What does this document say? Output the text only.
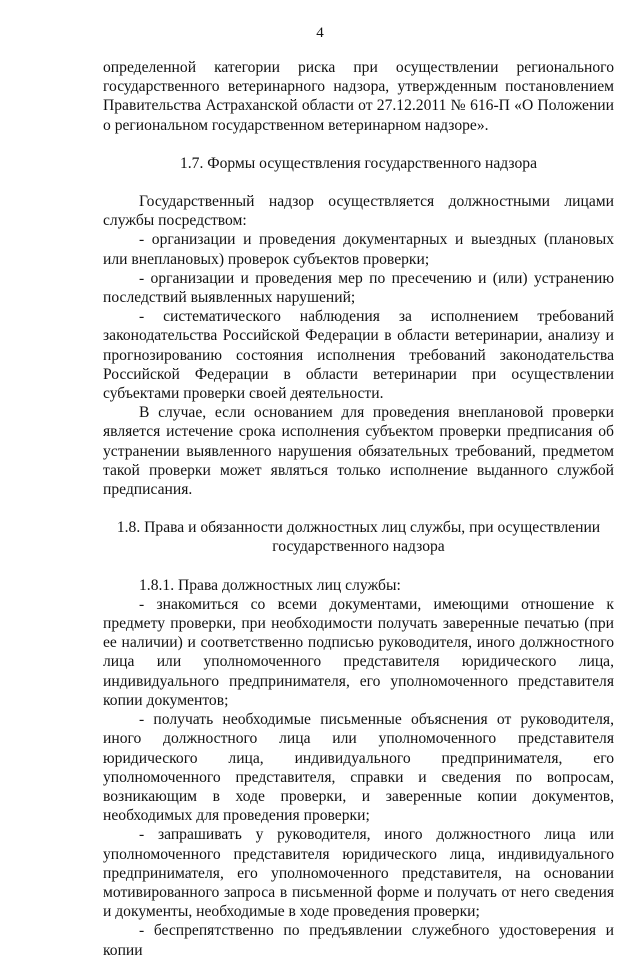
4

определенной категории риска при осуществлении регионального государственного ветеринарного надзора, утвержденным постановлением Правительства Астраханской области от 27.12.2011 № 616-П «О Положении о региональном государственном ветеринарном надзоре».

1.7. Формы осуществления государственного надзора

Государственный надзор осуществляется должностными лицами службы посредством:

- организации и проведения документарных и выездных (плановых или внеплановых) проверок субъектов проверки;

- организации и проведения мер по пресечению и (или) устранению последствий выявленных нарушений;

- систематического наблюдения за исполнением требований законодательства Российской Федерации в области ветеринарии, анализу и прогнозированию состояния исполнения требований законодательства Российской Федерации в области ветеринарии при осуществлении субъектами проверки своей деятельности.

В случае, если основанием для проведения внеплановой проверки является истечение срока исполнения субъектом проверки предписания об устранении выявленного нарушения обязательных требований, предметом такой проверки может являться только исполнение выданного службой предписания.

1.8. Права и обязанности должностных лиц службы, при осуществлении государственного надзора

1.8.1. Права должностных лиц службы:

- знакомиться со всеми документами, имеющими отношение к предмету проверки, при необходимости получать заверенные печатью (при ее наличии) и соответственно подписью руководителя, иного должностного лица или уполномоченного представителя юридического лица, индивидуального предпринимателя, его уполномоченного представителя копии документов;

- получать необходимые письменные объяснения от руководителя, иного должностного лица или уполномоченного представителя юридического лица, индивидуального предпринимателя, его уполномоченного представителя, справки и сведения по вопросам, возникающим в ходе проверки, и заверенные копии документов, необходимых для проведения проверки;

- запрашивать у руководителя, иного должностного лица или уполномоченного представителя юридического лица, индивидуального предпринимателя, его уполномоченного представителя, на основании мотивированного запроса в письменной форме и получать от него сведения и документы, необходимые в ходе проведения проверки;

- беспрепятственно по предъявлении служебного удостоверения и копии
